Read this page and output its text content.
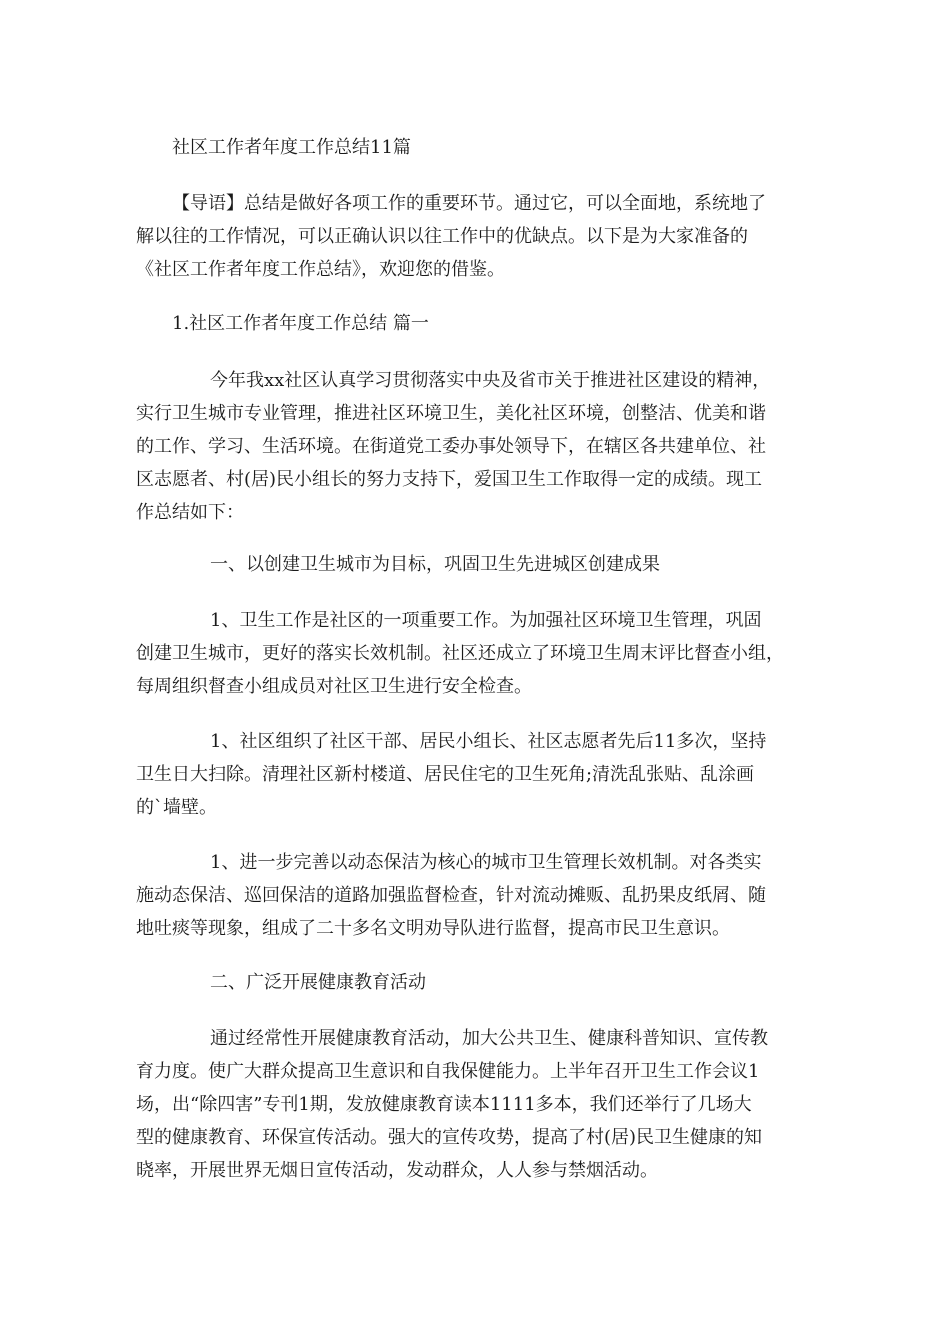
社区工作者年度工作总结11篇

【导语】总结是做好各项工作的重要环节。通过它，可以全面地，系统地了
解以往的工作情况，可以正确认识以往工作中的优缺点。以下是为大家准备的
《社区工作者年度工作总结》，欢迎您的借鉴。

1.社区工作者年度工作总结 篇一

今年我xx社区认真学习贯彻落实中央及省市关于推进社区建设的精神，
实行卫生城市专业管理，推进社区环境卫生，美化社区环境，创整洁、优美和谐
的工作、学习、生活环境。在街道党工委办事处领导下，在辖区各共建单位、社
区志愿者、村(居)民小组长的努力支持下，爱国卫生工作取得一定的成绩。现工
作总结如下：

一、以创建卫生城市为目标，巩固卫生先进城区创建成果

1、卫生工作是社区的一项重要工作。为加强社区环境卫生管理，巩固
创建卫生城市，更好的落实长效机制。社区还成立了环境卫生周末评比督查小组，
每周组织督查小组成员对社区卫生进行安全检查。

1、社区组织了社区干部、居民小组长、社区志愿者先后11多次，坚持
卫生日大扫除。清理社区新村楼道、居民住宅的卫生死角;清洗乱张贴、乱涂画
的`墙壁。

1、进一步完善以动态保洁为核心的城市卫生管理长效机制。对各类实
施动态保洁、巡回保洁的道路加强监督检查，针对流动摊贩、乱扔果皮纸屑、随
地吐痰等现象，组成了二十多名文明劝导队进行监督，提高市民卫生意识。

二、广泛开展健康教育活动

通过经常性开展健康教育活动，加大公共卫生、健康科普知识、宣传教
育力度。使广大群众提高卫生意识和自我保健能力。上半年召开卫生工作会议1
场，出“除四害”专刊1期，发放健康教育读本1111多本，我们还举行了几场大
型的健康教育、环保宣传活动。强大的宣传攻势，提高了村(居)民卫生健康的知
晓率，开展世界无烟日宣传活动，发动群众，人人参与禁烟活动。
